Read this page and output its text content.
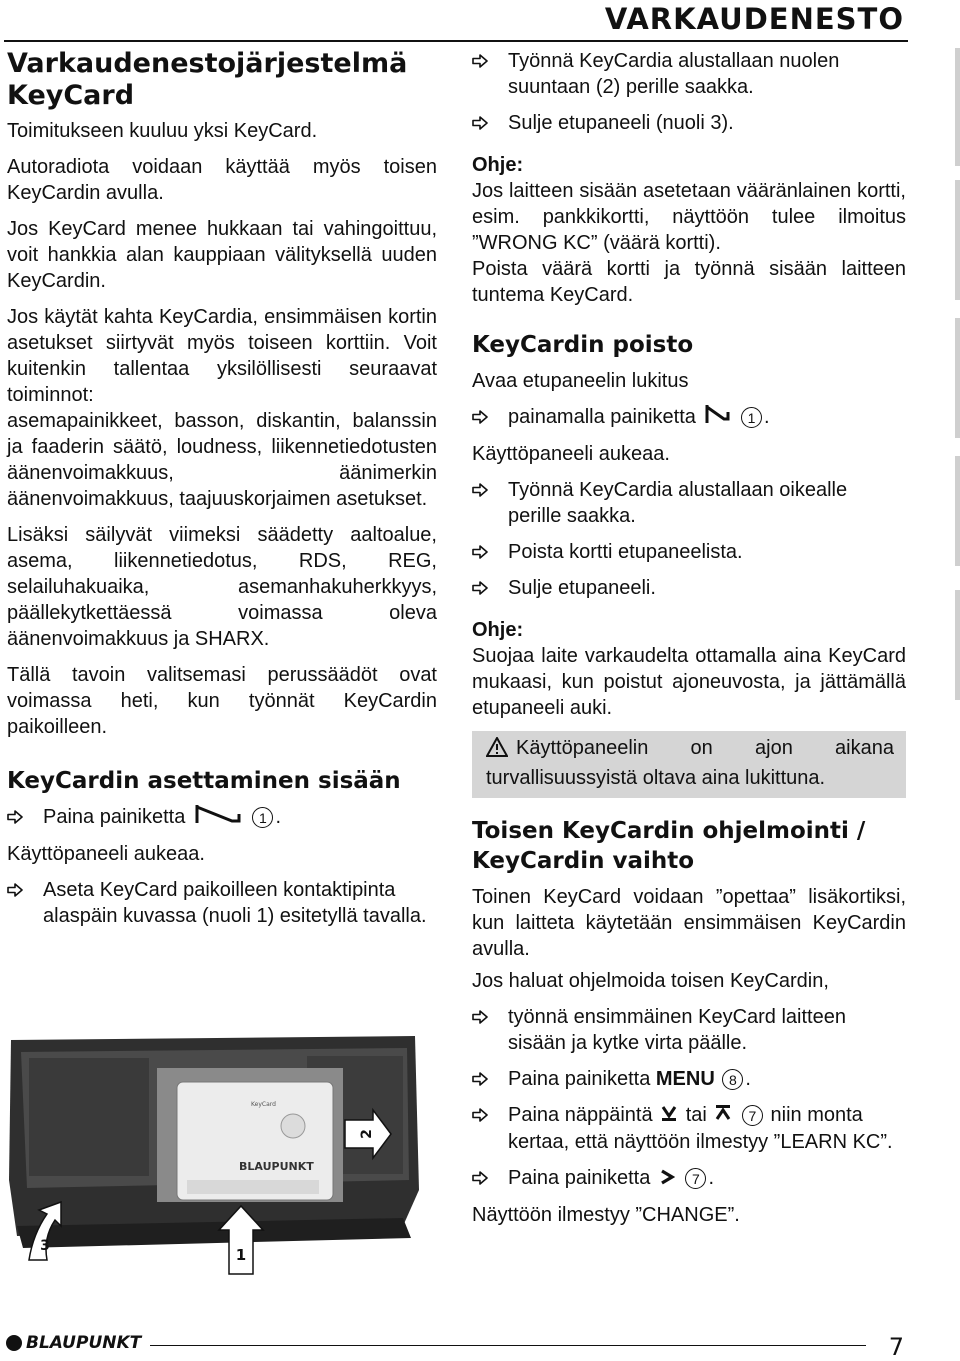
VARKAUDENESTO
Varkaudenestojärjestelmä KeyCard

Toimitukseen kuuluu yksi KeyCard.

Autoradiota voidaan käyttää myös toisen KeyCardin avulla.

Jos KeyCard menee hukkaan tai vahingoittuu, voit hankkia alan kauppiaan välityksellä uuden KeyCardin.

Jos käytät kahta KeyCardia, ensimmäisen kortin asetukset siirtyvät myös toiseen korttiin. Voit kuitenkin tallentaa yksilöllisesti seuraavat toiminnot:

asemapainikkeet, basson, diskantin, balanssin ja faaderin säätö, loudness, liikennetiedotusten äänenvoimakkuus, äänimerkin äänenvoimakkuus, taajuuskorjaimen asetukset.

Lisäksi säilyvät viimeksi säädetty aaltoalue, asema, liikennetiedotus, RDS, REG, selailuhakuaika, asemanhakuherkkyys, päällekytkettäessä voimassa oleva äänenvoimakkuus ja SHARX.

Tällä tavoin valitsemasi perussäädöt ovat voimassa heti, kun työnnät KeyCardin paikoilleen.

KeyCardin asettaminen sisään
Paina painiketta	1 .

Käyttöpaneeli aukeaa.

Aseta KeyCard paikoilleen kontaktipinta alaspäin kuvassa (nuoli 1) esitetyllä tavalla.
KeyCard
BLAUPUNKT
2
1
3
Työnnä KeyCardia alustallaan nuolen suuntaan (2) perille saakka.
Sulje etupaneeli (nuoli 3).

Ohje:

Jos laitteen sisään asetetaan vääränlainen kortti, esim. pankkikortti, näyttöön tulee ilmoitus ”WRONG KC” (väärä kortti).

Poista väärä kortti ja työnnä sisään laitteen tuntema KeyCard.

KeyCardin poisto

Avaa etupaneelin lukitus

painamalla painiketta	1 .

Käyttöpaneeli aukeaa.

Työnnä KeyCardia alustallaan oikealle perille saakka.
Poista kortti etupaneelista.
Sulje etupaneeli.

Ohje:

Suojaa laite varkaudelta ottamalla aina KeyCard mukaasi, kun poistut ajoneuvosta, ja jättämällä etupaneeli auki.

Käyttöpaneelin on ajon aikana turvallisuussyistä oltava aina lukittuna.
Toisen KeyCardin ohjelmointi / KeyCardin vaihto

Toinen KeyCard voidaan ”opettaa” lisäkortiksi, kun laitteta käytetään ensimmäisen KeyCardin avulla.

Jos haluat ohjelmoida toisen KeyCardin,

työnnä ensimmäinen KeyCard laitteen sisään ja kytke virta päälle.
Paina painiketta MENU 8 .
Paina näppäintä tai	7 niin monta kertaa, että näyttöön ilmestyy ”LEARN KC”.
Paina painiketta	7 .

Näyttöön ilmestyy ”CHANGE”.

BLAUPUNKT	7
